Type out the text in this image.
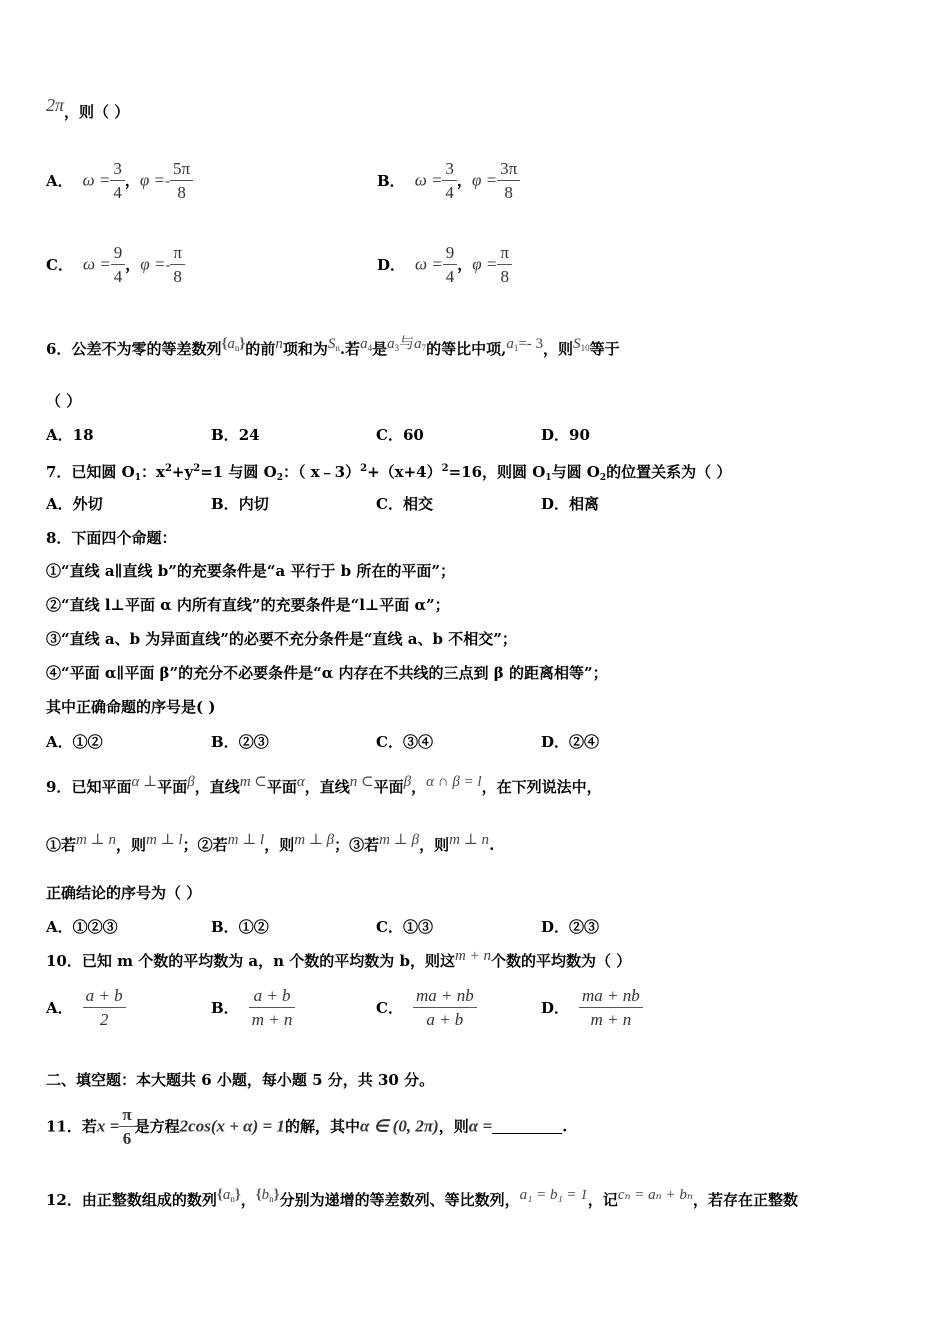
2π，则（ ）
A． $\omega = \frac{3}{4}$ ，$\varphi =- \frac{5\pi}{8}$	B． $\omega = \frac{3}{4}$ ，$\varphi = \frac{3\pi}{8}$
C． $\omega = \frac{9}{4}$ ，$\varphi =- \frac{\pi}{8}$	D． $\omega = \frac{9}{4}$ ，$\varphi = \frac{\pi}{8}$
6．公差不为零的等差数列$\{a^n\}$的前n项和为$S^n$.若$a^4$是$a^3$与$a^7$的等比中项$,a^1=-$ 3，则$S^{10}$等于
（ ）
A．18	B．24	C．60	D．90
7．已知圆 $O_1$：$x^2+y^2=1$ 与圆 $O_2$：（ $x﹣3)^2+(x+4)^2=16$，则圆 $O_1$与圆 $O_2$的位置关系为（ ）
A．外切	B．内切	C．相交	D．相离
8．下面四个命题：
①“直线 a∥直线 b”的充要条件是“a 平行于 b 所在的平面”；
②“直线 l⊥平面 α 内所有直线”的充要条件是“l⊥平面 α”；
③“直线 a、b 为异面直线”的必要不充分条件是“直线 a、b 不相交”；
④“平面 α∥平面 β”的充分不必要条件是“α 内存在不共线的三点到 β 的距离相等”；
其中正确命题的序号是( )
A．①②	B．②③	C．③④	D．②④
9．已知平面α ⊥平面β，直线m ⊂平面α，直线n ⊂平面β，α ∩ β = l，在下列说法中，
①若m ⊥ n，则m ⊥ l；②若m ⊥ l，则m ⊥ β；③若m ⊥ β，则m ⊥ n.
正确结论的序号为（ ）
A．①②③	B．①②	C．①③	D．②③
10．已知 m 个数的平均数为 a，n 个数的平均数为 b，则这m + n个数的平均数为（ ）
A． $\frac{a + b}{2}$	B． $\frac{a + b}{m + n}$	C． $\frac{ma + nb}{a + b}$	D． $\frac{ma + nb}{m + n}$
二、填空题：本大题共 6 小题，每小题 5 分，共 30 分。
11．若$x = \frac{\pi}{6}$ 是方程2cos(x + α) = 1的解，其中α ∈ (0, 2π)，则α =	.
12．由正整数组成的数列$\{a^n\}$，$\{b^n\}$分别为递增的等差数列、等比数列，a₁ = b₁ = 1，记cₙ = aₙ + bₙ，若存在正整数
